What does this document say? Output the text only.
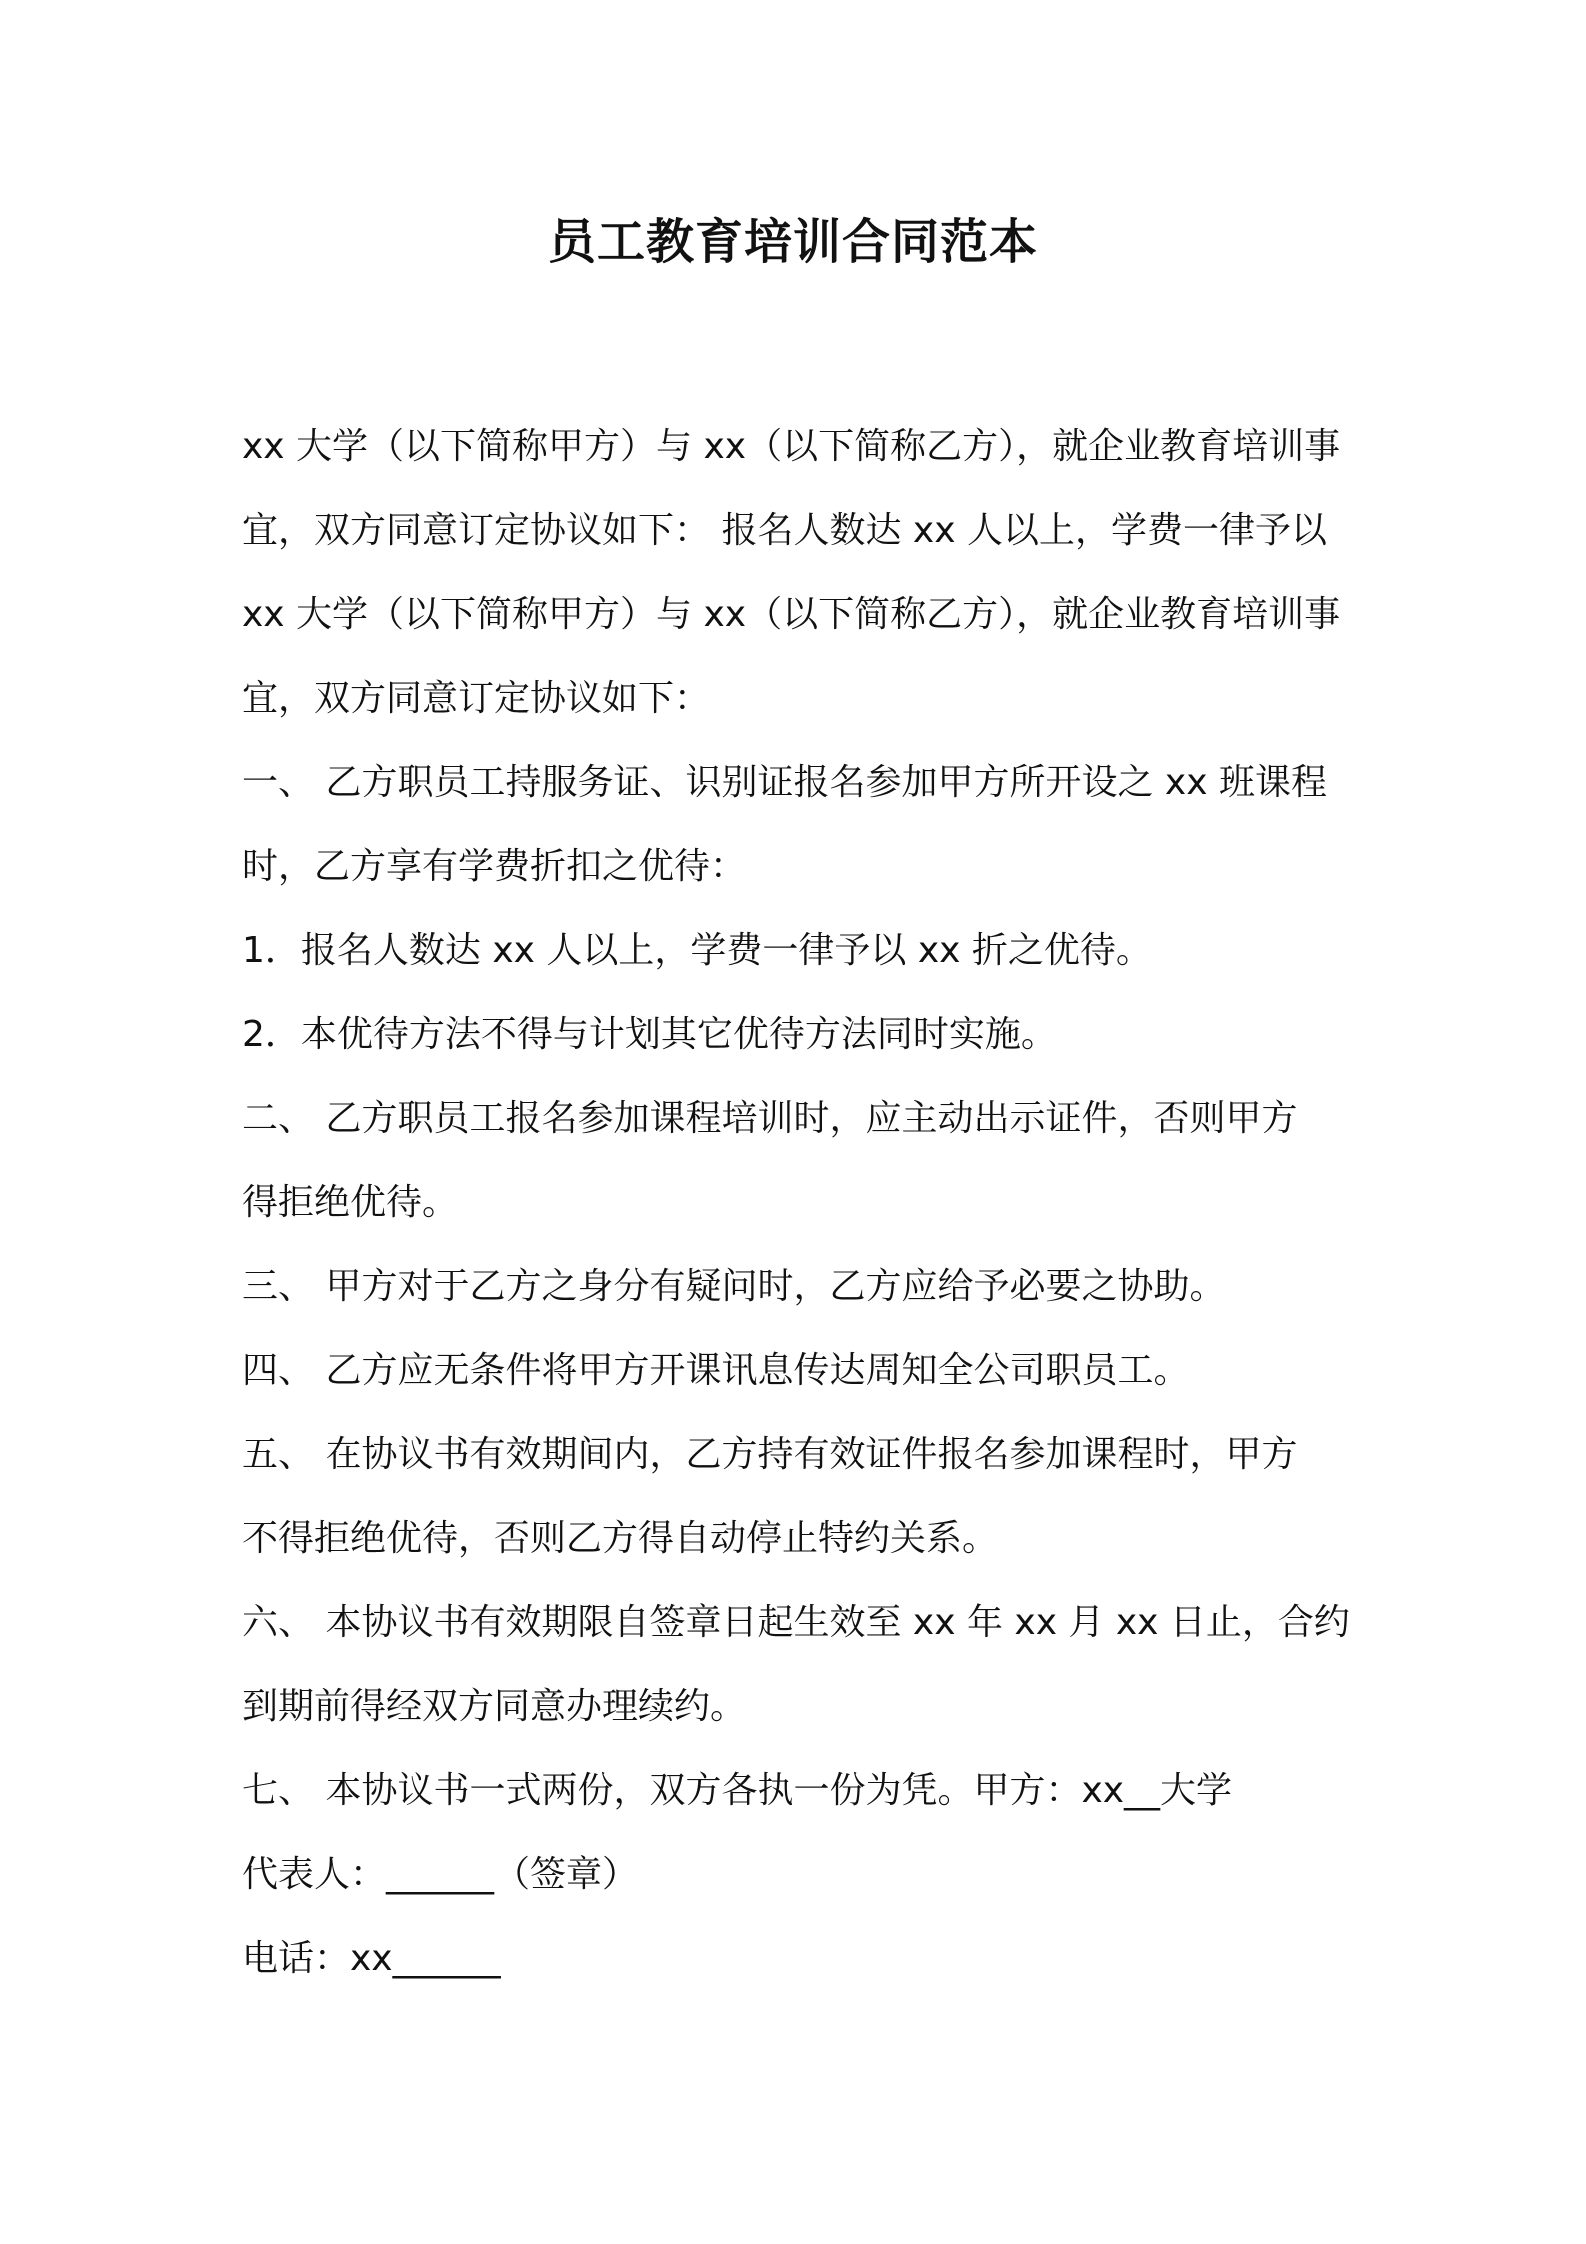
员工教育培训合同范本
xx 大学（以下简称甲方）与 xx（以下简称乙方），就企业教育培训事
宜，双方同意订定协议如下： 报名人数达 xx 人以上，学费一律予以
xx 大学（以下简称甲方）与 xx（以下简称乙方），就企业教育培训事
宜，双方同意订定协议如下：
一、 乙方职员工持服务证、识别证报名参加甲方所开设之 xx 班课程
时，乙方享有学费折扣之优待：
1．报名人数达 xx 人以上，学费一律予以 xx 折之优待。
2．本优待方法不得与计划其它优待方法同时实施。
二、 乙方职员工报名参加课程培训时，应主动出示证件，否则甲方
得拒绝优待。
三、 甲方对于乙方之身分有疑问时，乙方应给予必要之协助。
四、 乙方应无条件将甲方开课讯息传达周知全公司职员工。
五、 在协议书有效期间内，乙方持有效证件报名参加课程时，甲方
不得拒绝优待，否则乙方得自动停止特约关系。
六、 本协议书有效期限自签章日起生效至 xx 年 xx 月 xx 日止，合约
到期前得经双方同意办理续约。
七、 本协议书一式两份，双方各执一份为凭。甲方：xx__大学
代表人：______（签章）
电话：xx______
